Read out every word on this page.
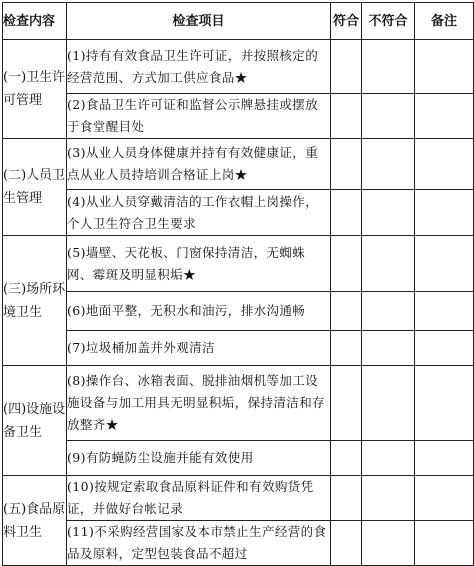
检查内容	检查项目	符合	不符合	备注
(一)卫生许可管理	(1)持有有效食品卫生许可证，并按照核定的经营范围、方式加工供应食品★			
	(2)食品卫生许可证和监督公示牌悬挂或摆放于食堂醒目处			
(二)人员卫生管理	(3)从业人员身体健康并持有有效健康证，重点从业人员持培训合格证上岗★			
	(4)从业人员穿戴清洁的工作衣帽上岗操作，个人卫生符合卫生要求			
(三)场所环境卫生	(5)墙壁、天花板、门窗保持清洁，无蜘蛛网、霉斑及明显积垢★			
	(6)地面平整，无积水和油污，排水沟通畅			
	(7)垃圾桶加盖并外观清洁			
(四)设施设备卫生	(8)操作台、冰箱表面、脱排油烟机等加工设施设备与加工用具无明显积垢，保持清洁和存放整齐★			
	(9)有防蝇防尘设施并能有效使用			
(五)食品原料卫生	(10)按规定索取食品原料证件和有效购货凭证，并做好台帐记录			
	(11)不采购经营国家及本市禁止生产经营的食品及原料，定型包装食品不超过			
